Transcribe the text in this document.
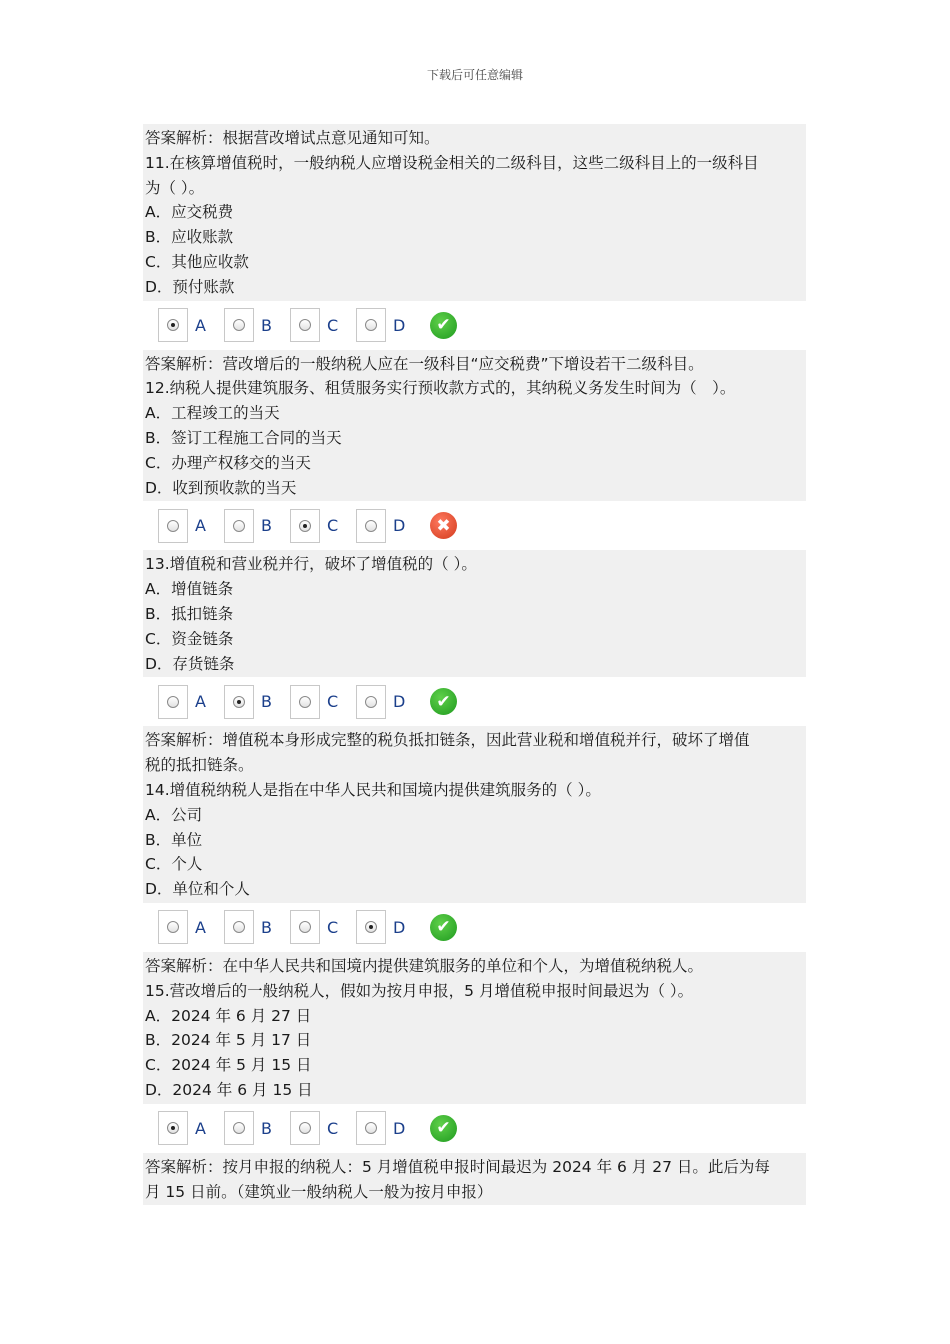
下载后可任意编辑
答案解析：根据营改增试点意见通知可知。
11.在核算增值税时，一般纳税人应增设税金相关的二级科目，这些二级科目上的一级科目
为（ ）。
A．应交税费
B．应收账款
C．其他应收款
D．预付账款
A	B	C	D	✔
答案解析：营改增后的一般纳税人应在一级科目“应交税费”下增设若干二级科目。
12.纳税人提供建筑服务、租赁服务实行预收款方式的，其纳税义务发生时间为（　）。
A．工程竣工的当天
B．签订工程施工合同的当天
C．办理产权移交的当天
D．收到预收款的当天
A	B	C	D	✖
13.增值税和营业税并行，破坏了增值税的（ ）。
A．增值链条
B．抵扣链条
C．资金链条
D．存货链条
A	B	C	D	✔
答案解析：增值税本身形成完整的税负抵扣链条，因此营业税和增值税并行，破坏了增值
税的抵扣链条。
14.增值税纳税人是指在中华人民共和国境内提供建筑服务的（ ）。
A．公司
B．单位
C．个人
D．单位和个人
A	B	C	D	✔
答案解析：在中华人民共和国境内提供建筑服务的单位和个人，为增值税纳税人。
15.营改增后的一般纳税人，假如为按月申报，5 月增值税申报时间最迟为（ ）。
A．2024 年 6 月 27 日
B．2024 年 5 月 17 日
C．2024 年 5 月 15 日
D．2024 年 6 月 15 日
A	B	C	D	✔
答案解析：按月申报的纳税人：5 月增值税申报时间最迟为 2024 年 6 月 27 日。此后为每
月 15 日前。（建筑业一般纳税人一般为按月申报）
